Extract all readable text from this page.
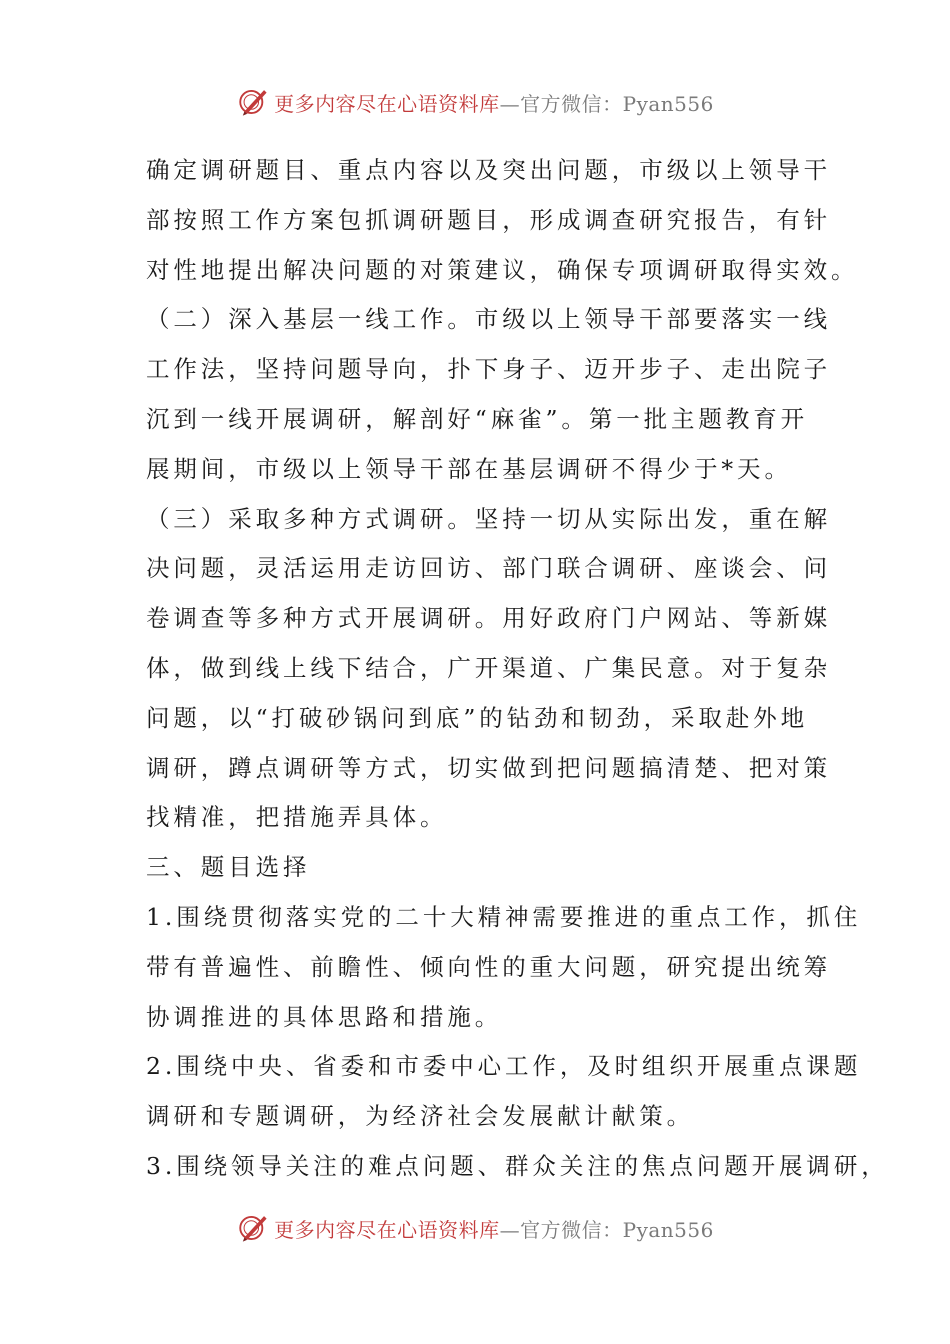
更多内容尽在心语资料库—官方微信：Pyan556
确定调研题目、重点内容以及突出问题，市级以上领导干
部按照工作方案包抓调研题目，形成调查研究报告，有针
对性地提出解决问题的对策建议，确保专项调研取得实效。
（二）深入基层一线工作。市级以上领导干部要落实一线
工作法，坚持问题导向，扑下身子、迈开步子、走出院子
沉到一线开展调研，解剖好“麻雀”。第一批主题教育开
展期间，市级以上领导干部在基层调研不得少于*天。
（三）采取多种方式调研。坚持一切从实际出发，重在解
决问题，灵活运用走访回访、部门联合调研、座谈会、问
卷调查等多种方式开展调研。用好政府门户网站、等新媒
体，做到线上线下结合，广开渠道、广集民意。对于复杂
问题，以“打破砂锅问到底”的钻劲和韧劲，采取赴外地
调研，蹲点调研等方式，切实做到把问题搞清楚、把对策
找精准，把措施弄具体。
三、题目选择
1.围绕贯彻落实党的二十大精神需要推进的重点工作，抓住
带有普遍性、前瞻性、倾向性的重大问题，研究提出统筹
协调推进的具体思路和措施。
2.围绕中央、省委和市委中心工作，及时组织开展重点课题
调研和专题调研，为经济社会发展献计献策。
3.围绕领导关注的难点问题、群众关注的焦点问题开展调研，
更多内容尽在心语资料库—官方微信：Pyan556
